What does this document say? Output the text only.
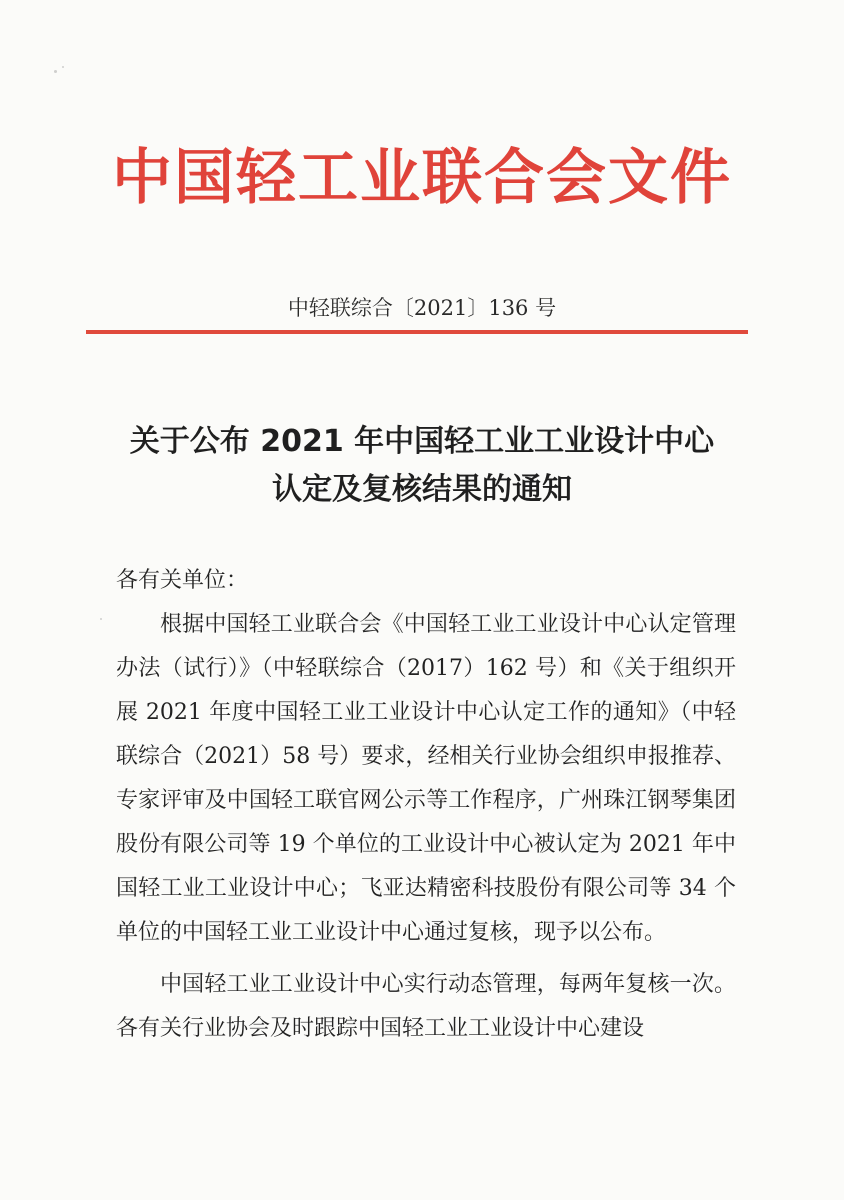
中国轻工业联合会文件
中轻联综合〔2021〕136 号
关于公布 2021 年中国轻工业工业设计中心
认定及复核结果的通知

各有关单位：

根据中国轻工业联合会《中国轻工业工业设计中心认定管理办法（试行）》（中轻联综合（2017）162 号）和《关于组织开展 2021 年度中国轻工业工业设计中心认定工作的通知》（中轻联综合（2021）58 号）要求，经相关行业协会组织申报推荐、专家评审及中国轻工联官网公示等工作程序，广州珠江钢琴集团股份有限公司等 19 个单位的工业设计中心被认定为 2021 年中国轻工业工业设计中心；飞亚达精密科技股份有限公司等 34 个单位的中国轻工业工业设计中心通过复核，现予以公布。

中国轻工业工业设计中心实行动态管理，每两年复核一次。各有关行业协会及时跟踪中国轻工业工业设计中心建设
